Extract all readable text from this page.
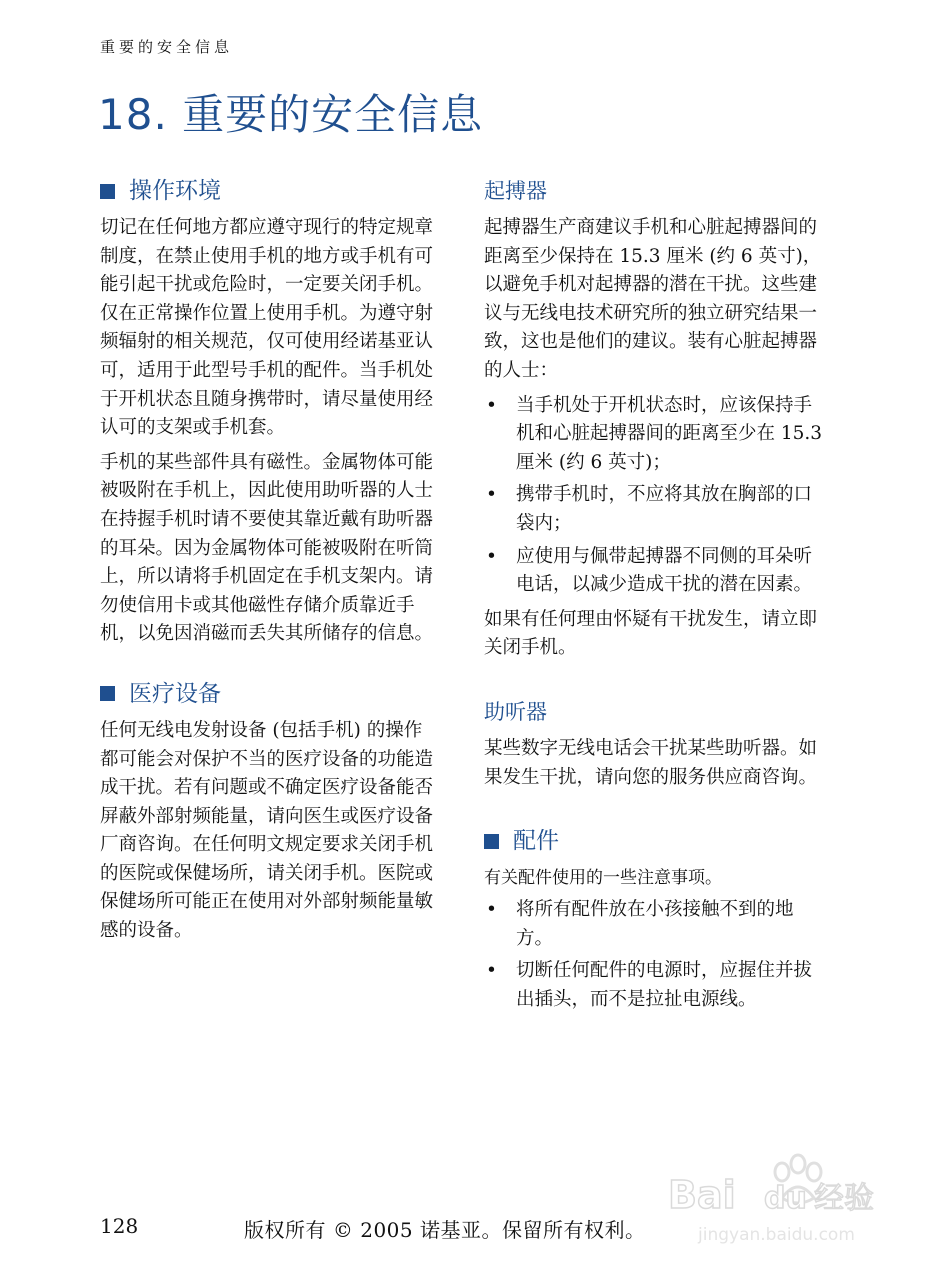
重要的安全信息
18. 重要的安全信息
操作环境

切记在任何地方都应遵守现行的特定规章制度，在禁止使用手机的地方或手机有可能引起干扰或危险时，一定要关闭手机。仅在正常操作位置上使用手机。为遵守射频辐射的相关规范，仅可使用经诺基亚认可，适用于此型号手机的配件。当手机处于开机状态且随身携带时，请尽量使用经认可的支架或手机套。

手机的某些部件具有磁性。金属物体可能被吸附在手机上，因此使用助听器的人士在持握手机时请不要使其靠近戴有助听器的耳朵。因为金属物体可能被吸附在听筒上，所以请将手机固定在手机支架内。请勿使信用卡或其他磁性存储介质靠近手机，以免因消磁而丢失其所储存的信息。

医疗设备

任何无线电发射设备 (包括手机) 的操作都可能会对保护不当的医疗设备的功能造成干扰。若有问题或不确定医疗设备能否屏蔽外部射频能量，请向医生或医疗设备厂商咨询。在任何明文规定要求关闭手机的医院或保健场所，请关闭手机。医院或保健场所可能正在使用对外部射频能量敏感的设备。

起搏器

起搏器生产商建议手机和心脏起搏器间的距离至少保持在 15.3 厘米 (约 6 英寸)，以避免手机对起搏器的潜在干扰。这些建议与无线电技术研究所的独立研究结果一致，这也是他们的建议。装有心脏起搏器的人士：

• 当手机处于开机状态时，应该保持手机和心脏起搏器间的距离至少在 15.3 厘米 (约 6 英寸)；
• 携带手机时，不应将其放在胸部的口袋内；
• 应使用与佩带起搏器不同侧的耳朵听电话，以减少造成干扰的潜在因素。

如果有任何理由怀疑有干扰发生，请立即关闭手机。

助听器

某些数字无线电话会干扰某些助听器。如果发生干扰，请向您的服务供应商咨询。

配件

有关配件使用的一些注意事项。

• 将所有配件放在小孩接触不到的地方。
• 切断任何配件的电源时，应握住并拔出插头，而不是拉扯电源线。
128	版权所有 © 2005 诺基亚。保留所有权利。
Bai du 经验
jingyan.baidu.com
